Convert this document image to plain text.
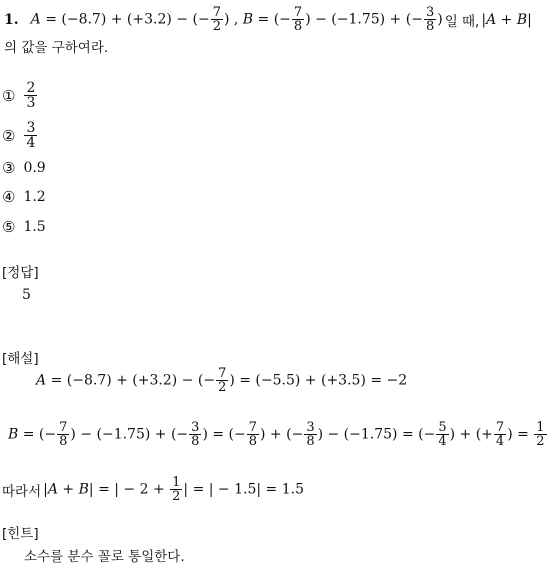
1. A = (−8.7) + (+3.2) − (− $\frac{7}{2}$ ) , B = (− $\frac{7}{8}$ ) − (−1.75) + (− $\frac{3}{8}$ ) 일 때, |A + B|
의 값을 구하여라.
① $\frac{2}{3}$
② $\frac{3}{4}$
③ 0.9
④ 1.2
⑤ 1.5
[정답]
5
[해설]
A = (−8.7) + (+3.2) − (− $\frac{7}{2}$ ) = (−5.5) + (+3.5) = −2
B = (− $\frac{7}{8}$ ) − (−1.75) + (− $\frac{3}{8}$ ) = (− $\frac{7}{8}$ ) + (− $\frac{3}{8}$ ) − (−1.75) = (− $\frac{5}{4}$ ) + (+ $\frac{7}{4}$ ) = $\frac{1}{2}$
따라서 |A + B| = | − $2 + \frac{1}{2}$ | = | − 1.5| = 1.5
[힌트]
소수를 분수 꼴로 통일한다.
